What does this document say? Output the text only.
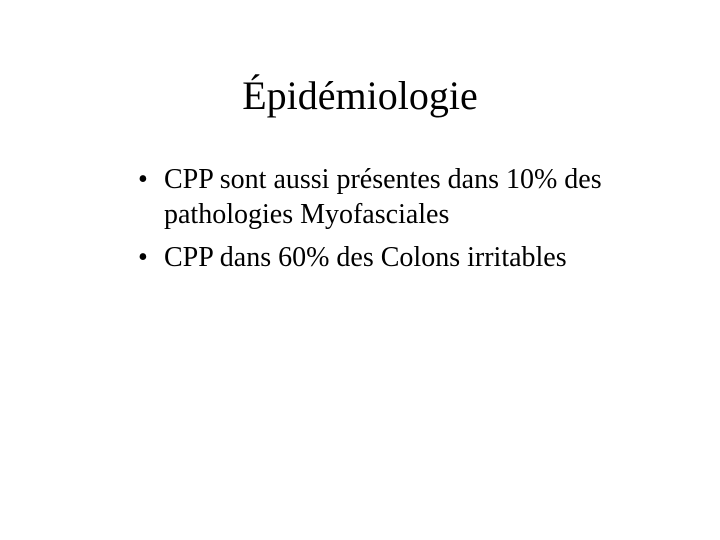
Épidémiologie
• CPP sont aussi présentes dans 10% des pathologies Myofasciales
• CPP dans 60% des Colons irritables
